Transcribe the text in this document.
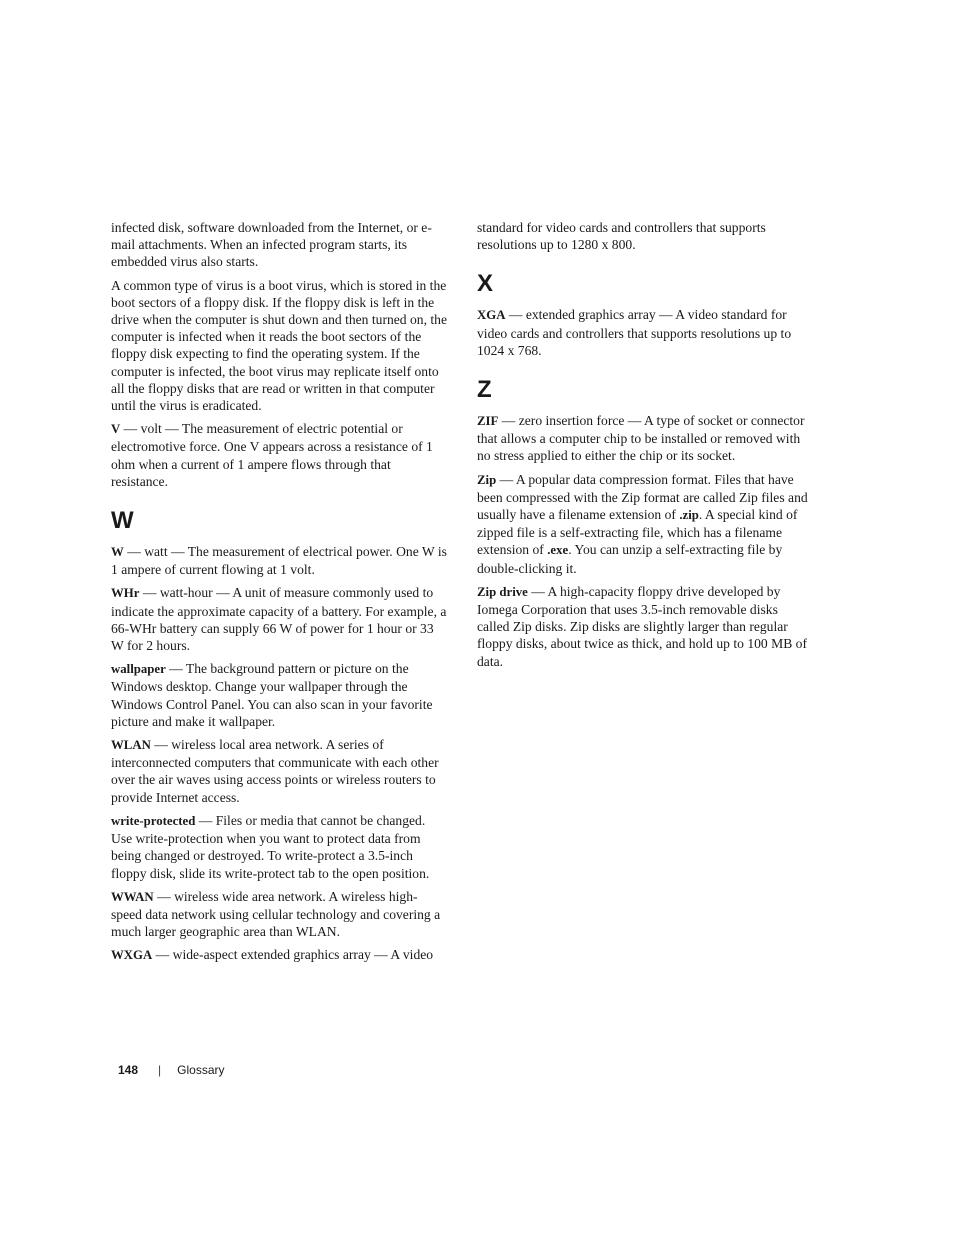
infected disk, software downloaded from the Internet, or e-mail attachments. When an infected program starts, its embedded virus also starts.

A common type of virus is a boot virus, which is stored in the boot sectors of a floppy disk. If the floppy disk is left in the drive when the computer is shut down and then turned on, the computer is infected when it reads the boot sectors of the floppy disk expecting to find the operating system. If the computer is infected, the boot virus may replicate itself onto all the floppy disks that are read or written in that computer until the virus is eradicated.

V — volt — The measurement of electric potential or electromotive force. One V appears across a resistance of 1 ohm when a current of 1 ampere flows through that resistance.

W

W — watt — The measurement of electrical power. One W is 1 ampere of current flowing at 1 volt.

WHr — watt-hour — A unit of measure commonly used to indicate the approximate capacity of a battery. For example, a 66-WHr battery can supply 66 W of power for 1 hour or 33 W for 2 hours.

wallpaper — The background pattern or picture on the Windows desktop. Change your wallpaper through the Windows Control Panel. You can also scan in your favorite picture and make it wallpaper.

WLAN — wireless local area network. A series of interconnected computers that communicate with each other over the air waves using access points or wireless routers to provide Internet access.

write-protected — Files or media that cannot be changed. Use write-protection when you want to protect data from being changed or destroyed. To write-protect a 3.5-inch floppy disk, slide its write-protect tab to the open position.

WWAN — wireless wide area network. A wireless high-speed data network using cellular technology and covering a much larger geographic area than WLAN.

WXGA — wide-aspect extended graphics array — A video

standard for video cards and controllers that supports resolutions up to 1280 x 800.

X

XGA — extended graphics array — A video standard for video cards and controllers that supports resolutions up to 1024 x 768.

Z

ZIF — zero insertion force — A type of socket or connector that allows a computer chip to be installed or removed with no stress applied to either the chip or its socket.

Zip — A popular data compression format. Files that have been compressed with the Zip format are called Zip files and usually have a filename extension of .zip. A special kind of zipped file is a self-extracting file, which has a filename extension of .exe. You can unzip a self-extracting file by double-clicking it.

Zip drive — A high-capacity floppy drive developed by Iomega Corporation that uses 3.5-inch removable disks called Zip disks. Zip disks are slightly larger than regular floppy disks, about twice as thick, and hold up to 100 MB of data.

148 | Glossary
